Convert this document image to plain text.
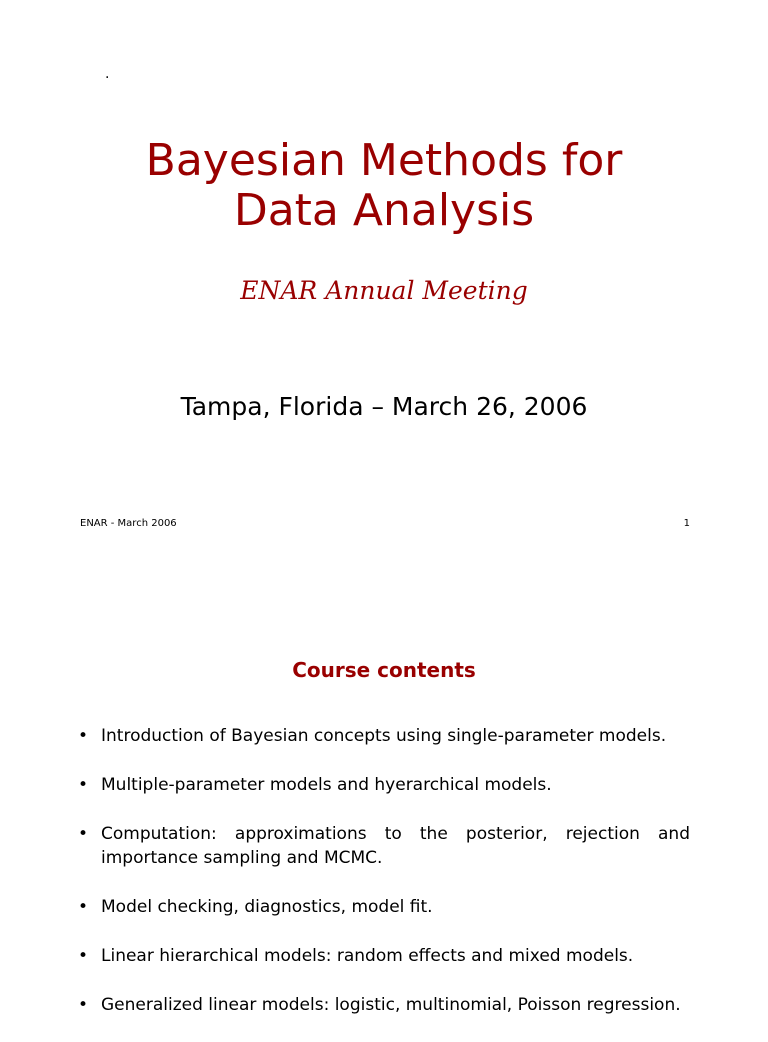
.
Bayesian Methods for
Data Analysis
ENAR Annual Meeting
Tampa, Florida – March 26, 2006
ENAR - March 2006	1
Course contents
• Introduction of Bayesian concepts using single-parameter models.
• Multiple-parameter models and hyerarchical models.
• Computation: approximations to the posterior, rejection and importance sampling and MCMC.
• Model checking, diagnostics, model fit.
• Linear hierarchical models: random effects and mixed models.
• Generalized linear models: logistic, multinomial, Poisson regression.
